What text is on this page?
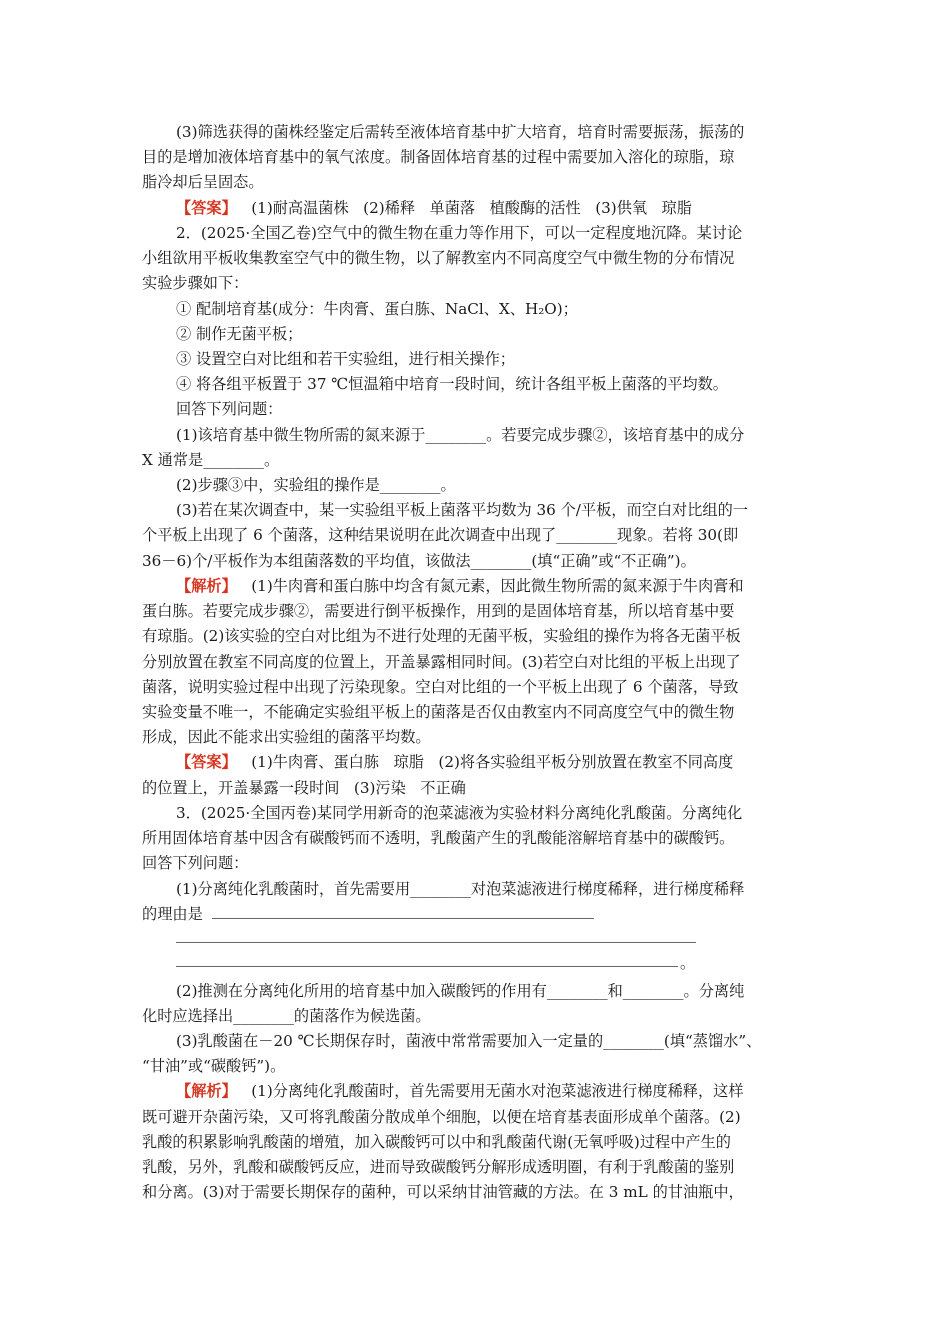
(3)筛选获得的菌株经鉴定后需转至液体培育基中扩大培育，培育时需要振荡，振荡的
目的是增加液体培育基中的氧气浓度。制备固体培育基的过程中需要加入溶化的琼脂，琼
脂冷却后呈固态。
【答案】   (1)耐高温菌株   (2)稀释   单菌落   植酸酶的活性   (3)供氧   琼脂
2．(2025·全国乙卷)空气中的微生物在重力等作用下，可以一定程度地沉降。某讨论
小组欲用平板收集教室空气中的微生物，以了解教室内不同高度空气中微生物的分布情况
实验步骤如下：
① 配制培育基(成分：牛肉膏、蛋白胨、NaCl、X、H₂O)；
② 制作无菌平板；
③ 设置空白对比组和若干实验组，进行相关操作；
④ 将各组平板置于 37 ℃恒温箱中培育一段时间，统计各组平板上菌落的平均数。
回答下列问题：
(1)该培育基中微生物所需的氮来源于________。若要完成步骤②，该培育基中的成分
X 通常是________。
(2)步骤③中，实验组的操作是________。
(3)若在某次调查中，某一实验组平板上菌落平均数为 36 个/平板，而空白对比组的一
个平板上出现了 6 个菌落，这种结果说明在此次调查中出现了________现象。若将 30(即
36－6)个/平板作为本组菌落数的平均值，该做法________(填“正确”或“不正确”)。
【解析】   (1)牛肉膏和蛋白胨中均含有氮元素，因此微生物所需的氮来源于牛肉膏和
蛋白胨。若要完成步骤②，需要进行倒平板操作，用到的是固体培育基，所以培育基中要
有琼脂。(2)该实验的空白对比组为不进行处理的无菌平板，实验组的操作为将各无菌平板
分别放置在教室不同高度的位置上，开盖暴露相同时间。(3)若空白对比组的平板上出现了
菌落，说明实验过程中出现了污染现象。空白对比组的一个平板上出现了 6 个菌落，导致
实验变量不唯一，不能确定实验组平板上的菌落是否仅由教室内不同高度空气中的微生物
形成，因此不能求出实验组的菌落平均数。
【答案】   (1)牛肉膏、蛋白胨   琼脂   (2)将各实验组平板分别放置在教室不同高度
的位置上，开盖暴露一段时间   (3)污染   不正确
3．(2025·全国丙卷)某同学用新奇的泡菜滤液为实验材料分离纯化乳酸菌。分离纯化
所用固体培育基中因含有碳酸钙而不透明，乳酸菌产生的乳酸能溶解培育基中的碳酸钙。
回答下列问题：
(1)分离纯化乳酸菌时，首先需要用________对泡菜滤液进行梯度稀释，进行梯度稀释
的理由是
。
(2)推测在分离纯化所用的培育基中加入碳酸钙的作用有________和________。分离纯
化时应选择出________的菌落作为候选菌。
(3)乳酸菌在－20 ℃长期保存时，菌液中常常需要加入一定量的________(填“蒸馏水”、
“甘油”或“碳酸钙”)。
【解析】   (1)分离纯化乳酸菌时，首先需要用无菌水对泡菜滤液进行梯度稀释，这样
既可避开杂菌污染，又可将乳酸菌分散成单个细胞，以便在培育基表面形成单个菌落。(2)
乳酸的积累影响乳酸菌的增殖，加入碳酸钙可以中和乳酸菌代谢(无氧呼吸)过程中产生的
乳酸，另外，乳酸和碳酸钙反应，进而导致碳酸钙分解形成透明圈，有利于乳酸菌的鉴别
和分离。(3)对于需要长期保存的菌种，可以采纳甘油管藏的方法。在 3 mL 的甘油瓶中，
